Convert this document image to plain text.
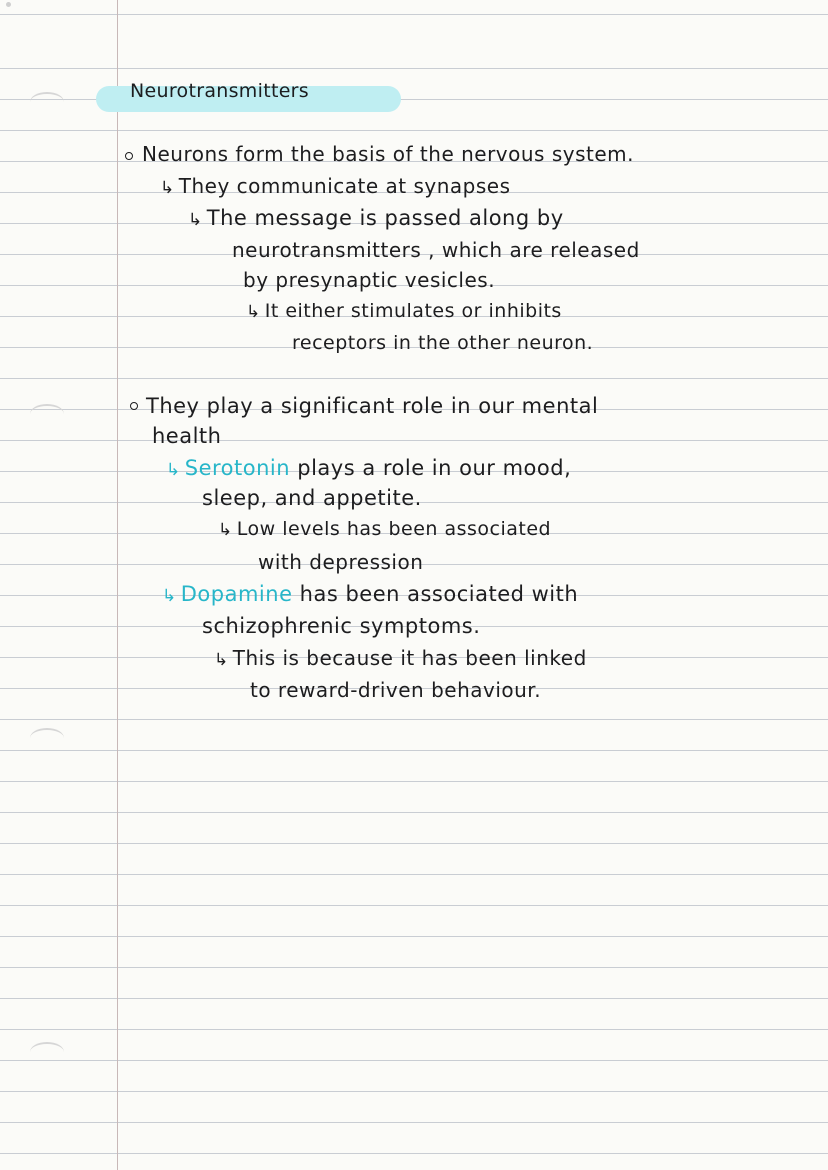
Neurotransmitters
Neurons form the basis of the nervous system.
↳ They communicate at synapses
↳ The message is passed along by
neurotransmitters , which are released
by presynaptic vesicles.
↳ It either stimulates or inhibits
receptors in the other neuron.
They play a significant role in our mental
health
↳ Serotonin plays a role in our mood,
sleep, and appetite.
↳ Low levels has been associated
with depression
↳ Dopamine has been associated with
schizophrenic symptoms.
↳ This is because it has been linked
to reward-driven behaviour.
